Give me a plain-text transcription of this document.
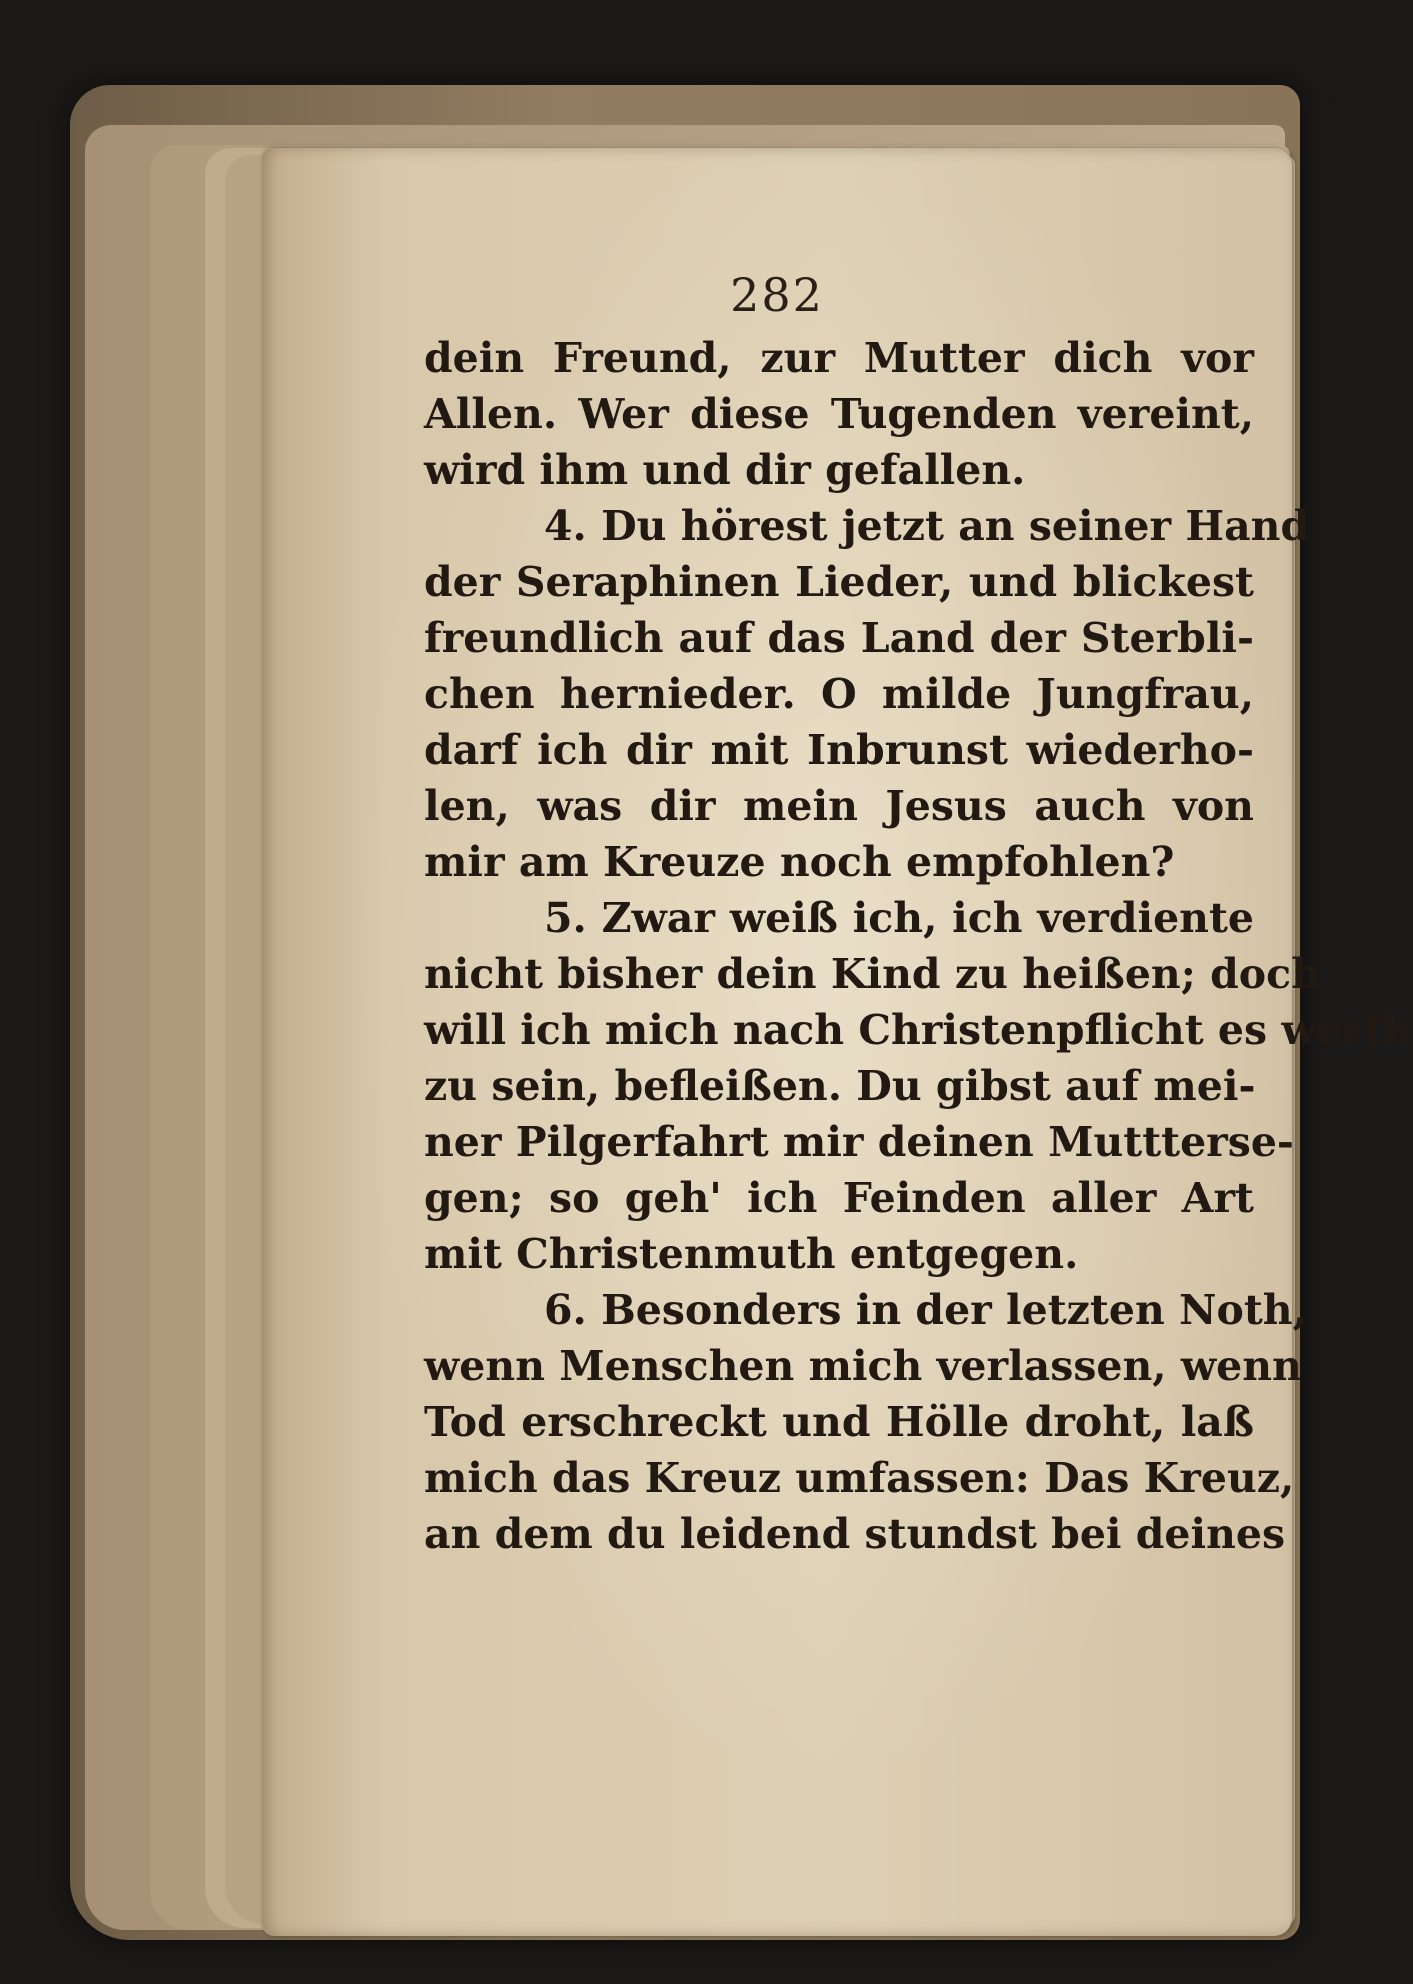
282
dein Freund, zur Mutter dich vor
Allen. Wer diese Tugenden vereint,
wird ihm und dir gefallen.
4. Du hörest jetzt an seiner Hand
der Seraphinen Lieder, und blickest
freundlich auf das Land der Sterbli-
chen hernieder. O milde Jungfrau,
darf ich dir mit Inbrunst wiederho-
len, was dir mein Jesus auch von
mir am Kreuze noch empfohlen?
5. Zwar weiß ich, ich verdiente
nicht bisher dein Kind zu heißen; doch
will ich mich nach Christenpflicht es werth
zu sein, befleißen. Du gibst auf mei-
ner Pilgerfahrt mir deinen Muttterse-
gen; so geh' ich Feinden aller Art
mit Christenmuth entgegen.
6. Besonders in der letzten Noth,
wenn Menschen mich verlassen, wenn
Tod erschreckt und Hölle droht, laß
mich das Kreuz umfassen: Das Kreuz,
an dem du leidend stundst bei deines
